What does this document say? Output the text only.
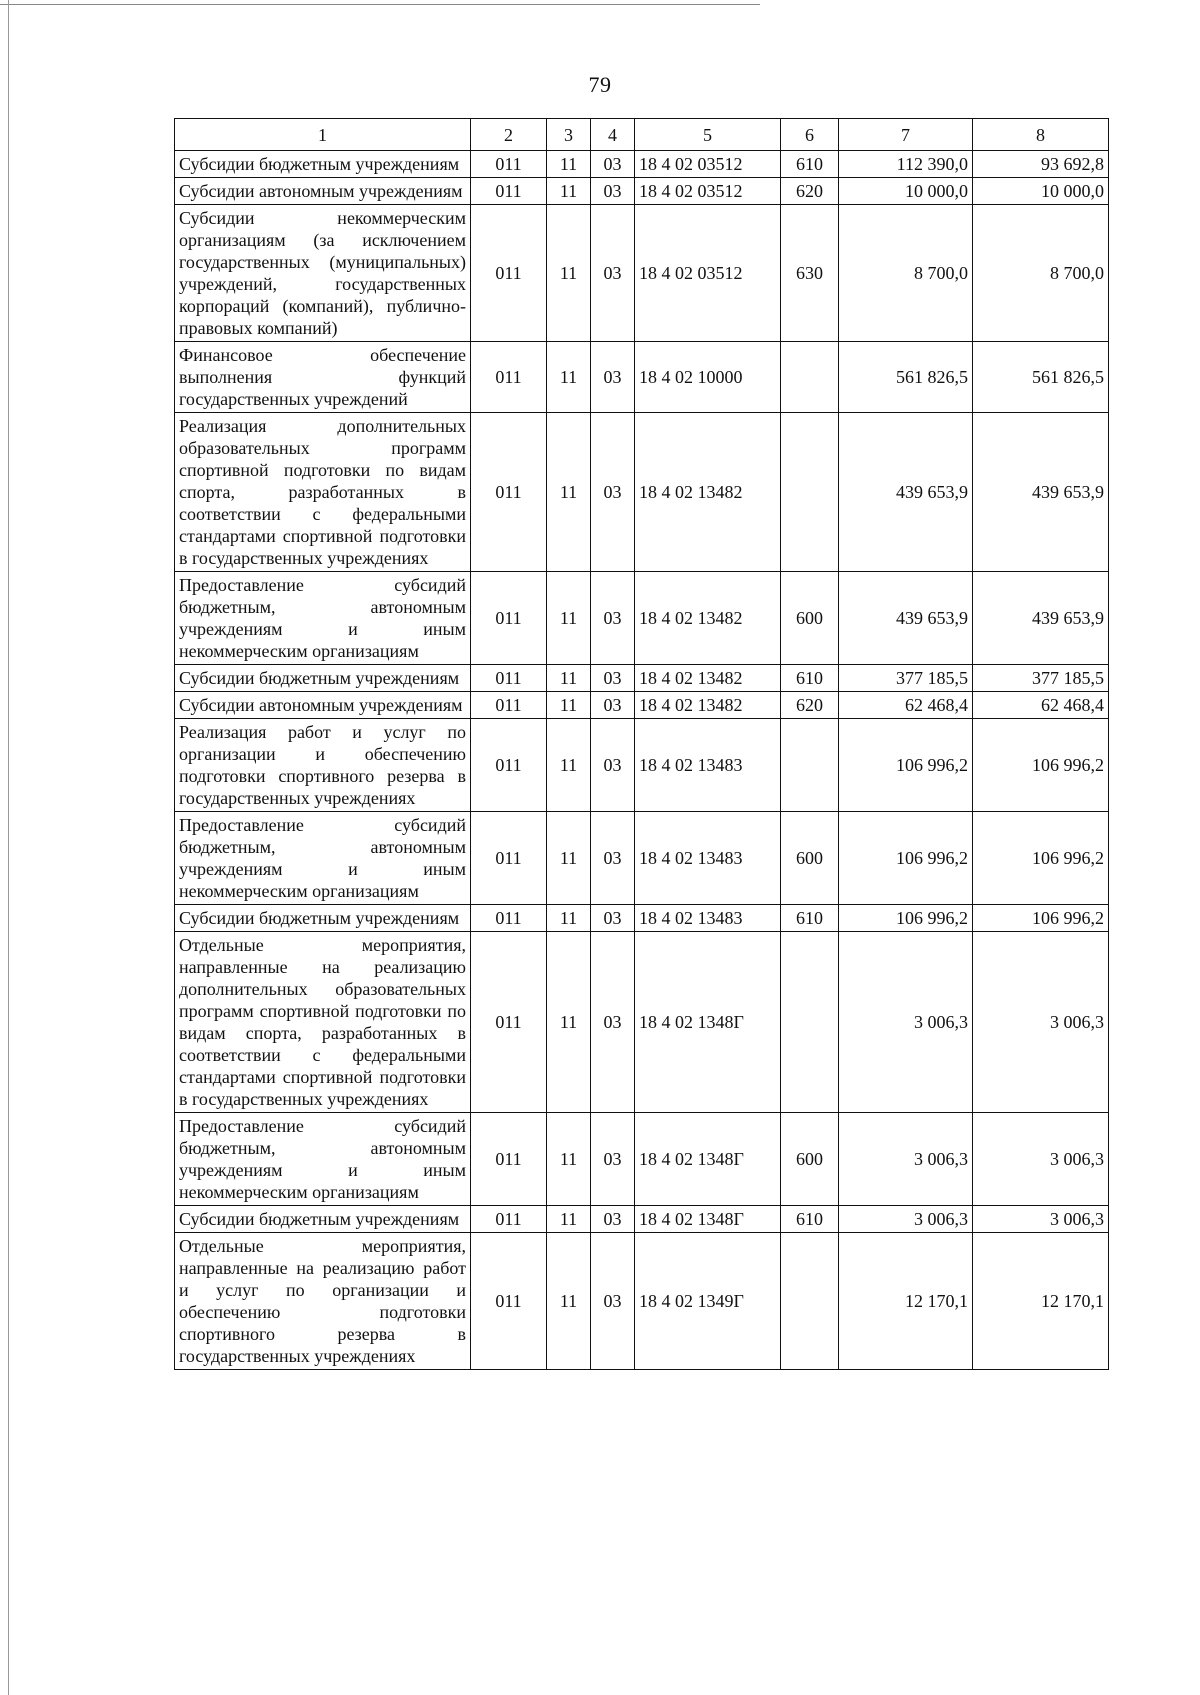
79
1	2	3	4	5	6	7	8
Субсидии бюджетным учреждениям	011	11	03	18 4 02 03512	610	112 390,0	93 692,8
Субсидии автономным учреждениям	011	11	03	18 4 02 03512	620	10 000,0	10 000,0
Субсидии некоммерческим организациям (за исключением государственных (муниципальных) учреждений, государственных корпораций (компаний), публично-правовых компаний)	011	11	03	18 4 02 03512	630	8 700,0	8 700,0
Финансовое обеспечение выполнения функций государственных учреждений	011	11	03	18 4 02 10000		561 826,5	561 826,5
Реализация дополнительных образовательных программ спортивной подготовки по видам спорта, разработанных в соответствии с федеральными стандартами спортивной подготовки в государственных учреждениях	011	11	03	18 4 02 13482		439 653,9	439 653,9
Предоставление субсидий бюджетным, автономным учреждениям и иным некоммерческим организациям	011	11	03	18 4 02 13482	600	439 653,9	439 653,9
Субсидии бюджетным учреждениям	011	11	03	18 4 02 13482	610	377 185,5	377 185,5
Субсидии автономным учреждениям	011	11	03	18 4 02 13482	620	62 468,4	62 468,4
Реализация работ и услуг по организации и обеспечению подготовки спортивного резерва в государственных учреждениях	011	11	03	18 4 02 13483		106 996,2	106 996,2
Предоставление субсидий бюджетным, автономным учреждениям и иным некоммерческим организациям	011	11	03	18 4 02 13483	600	106 996,2	106 996,2
Субсидии бюджетным учреждениям	011	11	03	18 4 02 13483	610	106 996,2	106 996,2
Отдельные мероприятия, направленные на реализацию дополнительных образовательных программ спортивной подготовки по видам спорта, разработанных в соответствии с федеральными стандартами спортивной подготовки в государственных учреждениях	011	11	03	18 4 02 1348Г		3 006,3	3 006,3
Предоставление субсидий бюджетным, автономным учреждениям и иным некоммерческим организациям	011	11	03	18 4 02 1348Г	600	3 006,3	3 006,3
Субсидии бюджетным учреждениям	011	11	03	18 4 02 1348Г	610	3 006,3	3 006,3
Отдельные мероприятия, направленные на реализацию работ и услуг по организации и обеспечению подготовки спортивного резерва в государственных учреждениях	011	11	03	18 4 02 1349Г		12 170,1	12 170,1
